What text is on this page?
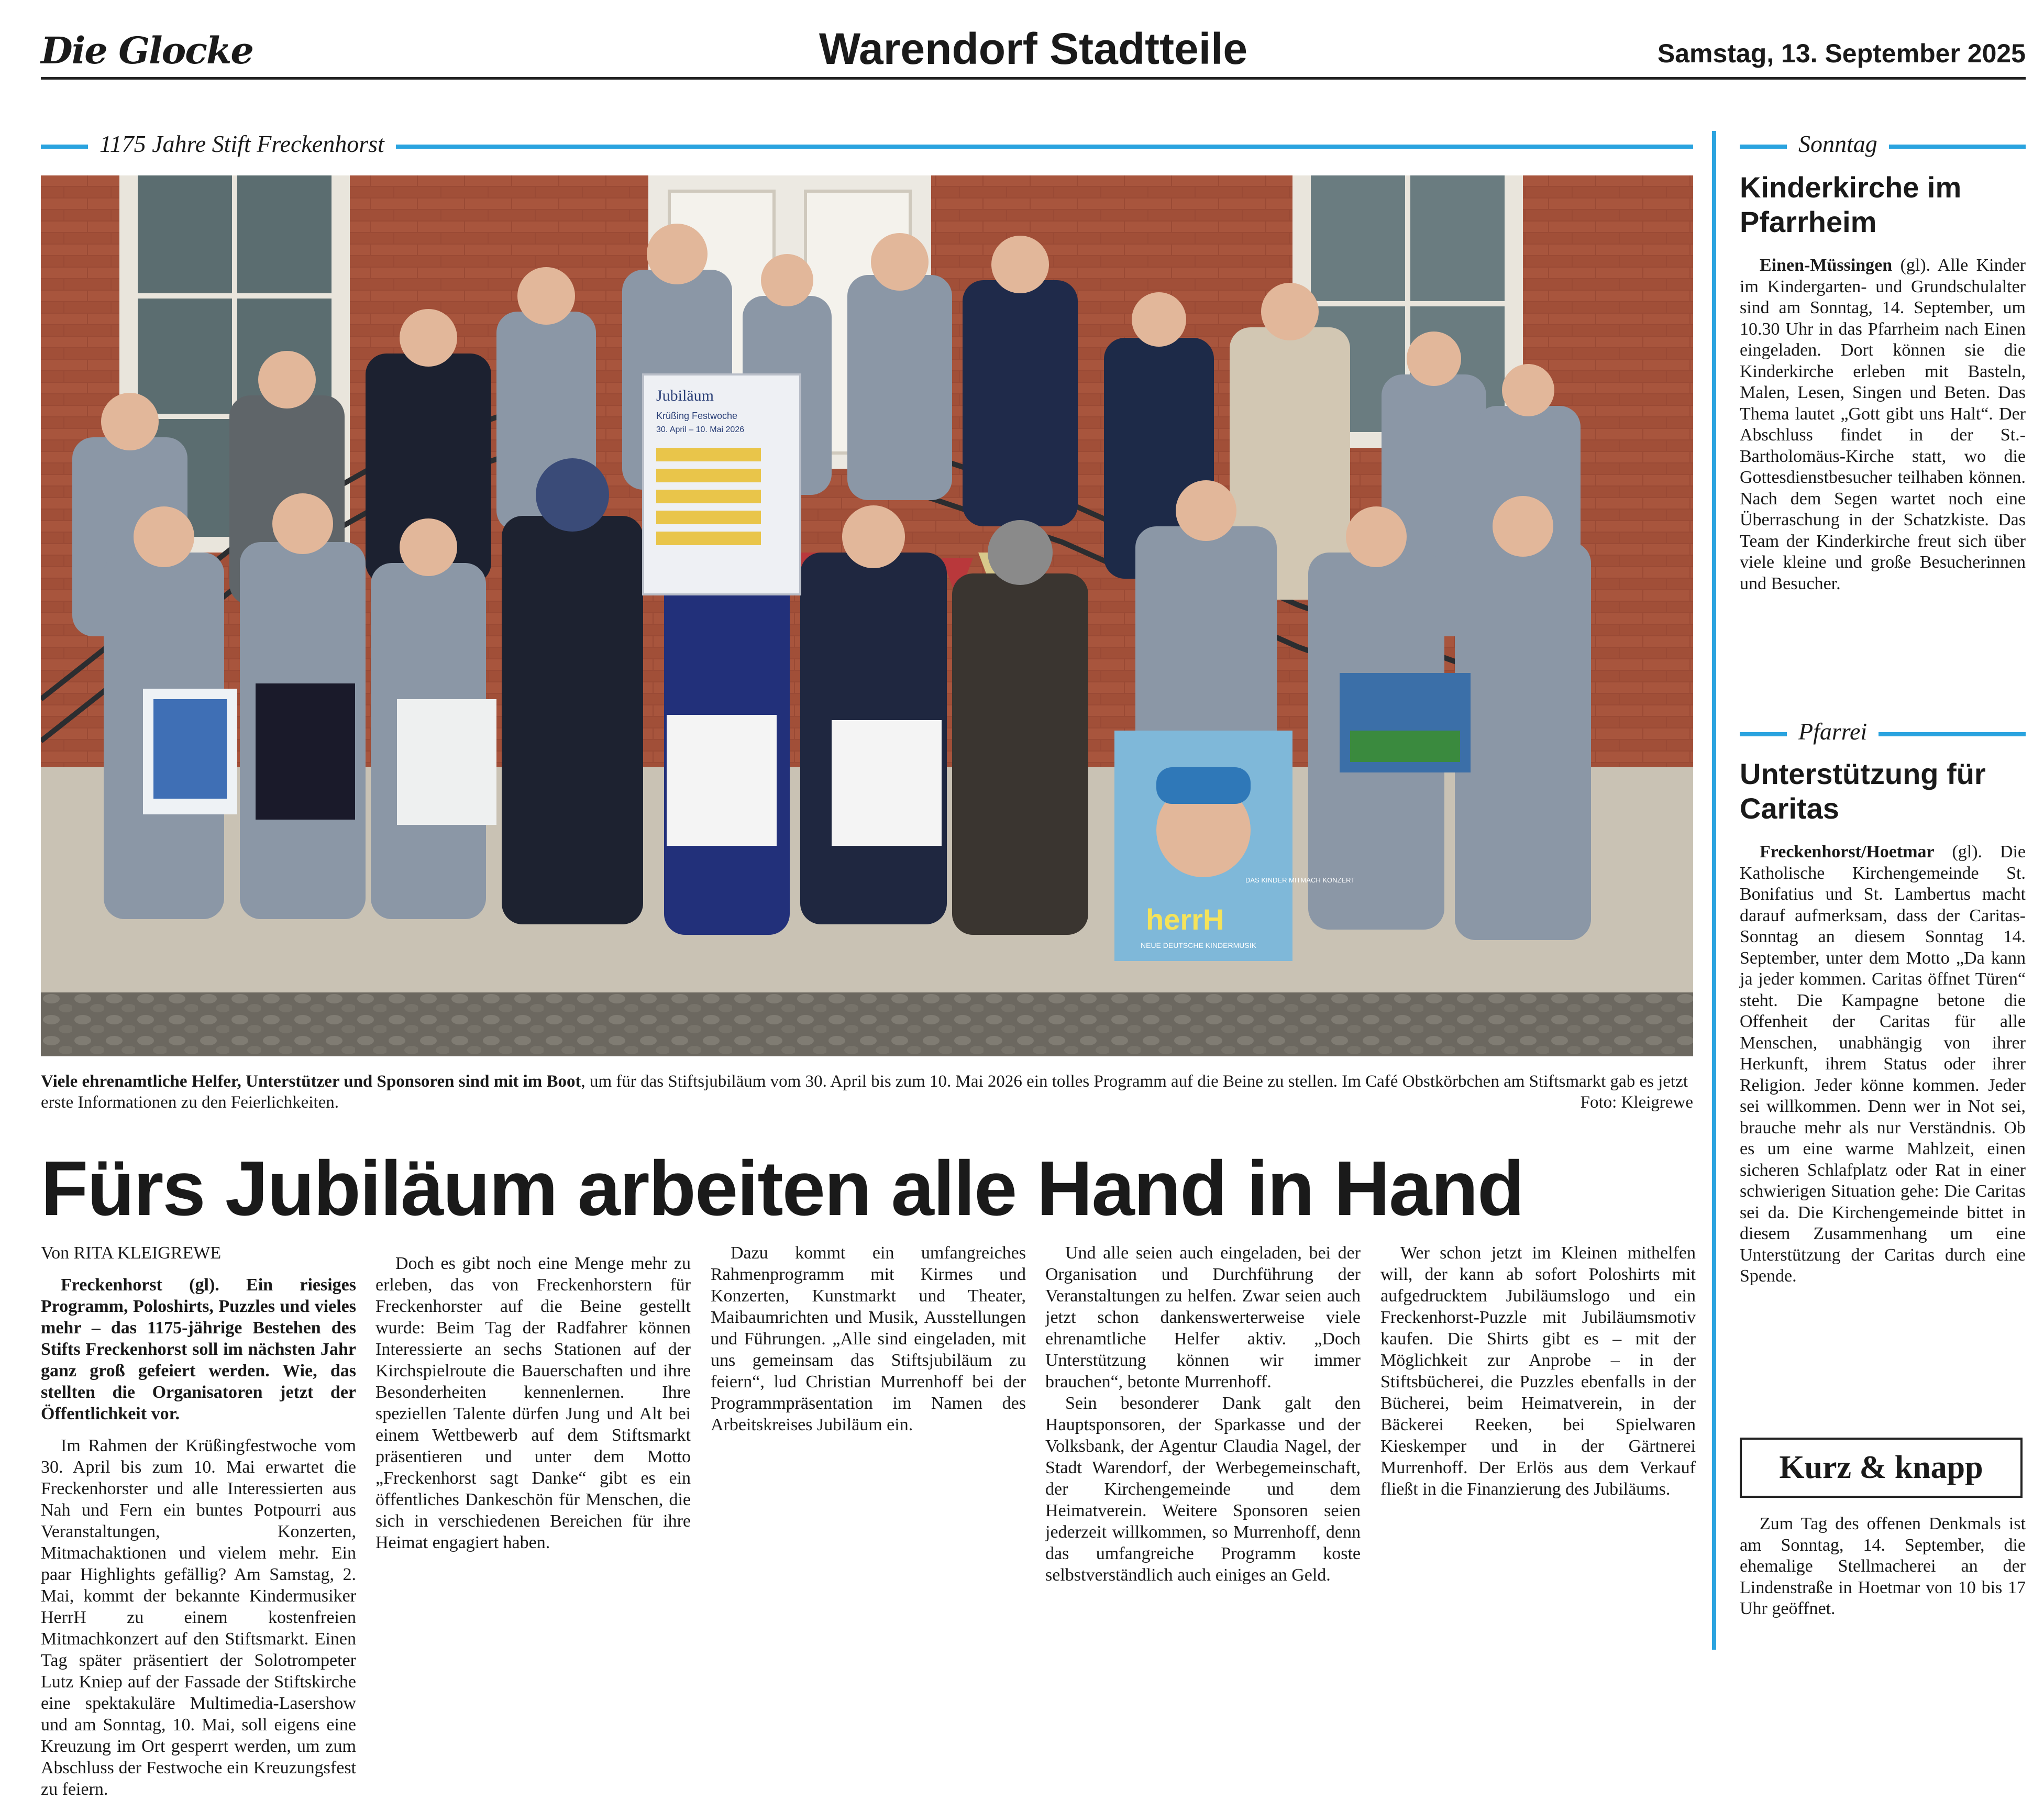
Die Glocke	Warendorf Stadtteile	Samstag, 13. September 2025
1175 Jahre Stift Freckenhorst
Jubiläum
Krüßing Festwoche
30. April – 10. Mai 2026
herrH
NEUE DEUTSCHE KINDERMUSIK
DAS KINDER MITMACH KONZERT
Viele ehrenamtliche Helfer, Unterstützer und Sponsoren sind mit im Boot, um für das Stiftsjubiläum vom 30. April bis zum 10. Mai 2026 ein tolles Programm auf die Beine zu stellen. Im Café Obstkörbchen am Stiftsmarkt gab es jetzt erste Informationen zu den Feierlichkeiten.	Foto: Kleigrewe
Fürs Jubiläum arbeiten alle Hand in Hand

Von RITA KLEIGREWE

Freckenhorst (gl). Ein riesiges Programm, Poloshirts, Puzzles und vieles mehr – das 1175-jährige Bestehen des Stifts Freckenhorst soll im nächsten Jahr ganz groß gefeiert werden. Wie, das stellten die Organisatoren jetzt der Öffentlichkeit vor.

Im Rahmen der Krüßingfestwoche vom 30. April bis zum 10. Mai erwartet die Freckenhorster und alle Interessierten aus Nah und Fern ein buntes Potpourri aus Veranstaltungen, Konzerten, Mitmachaktionen und vielem mehr. Ein paar Highlights gefällig? Am Samstag, 2. Mai, kommt der bekannte Kindermusiker HerrH zu einem kostenfreien Mitmachkonzert auf den Stiftsmarkt. Einen Tag später präsentiert der Solotrompeter Lutz Kniep auf der Fassade der Stiftskirche eine spektakuläre Multimedia-Lasershow und am Sonntag, 10. Mai, soll eigens eine Kreuzung im Ort gesperrt werden, um zum Abschluss der Festwoche ein Kreuzungsfest zu feiern.

Doch es gibt noch eine Menge mehr zu erleben, das von Freckenhorstern für Freckenhorster auf die Beine gestellt wurde: Beim Tag der Radfahrer können Interessierte an sechs Stationen auf der Kirchspielroute die Bauerschaften und ihre Besonderheiten kennenlernen. Ihre speziellen Talente dürfen Jung und Alt bei einem Wettbewerb auf dem Stiftsmarkt präsentieren und unter dem Motto „Freckenhorst sagt Danke“ gibt es ein öffentliches Dankeschön für Menschen, die sich in verschiedenen Bereichen für ihre Heimat engagiert haben.

Dazu kommt ein umfangreiches Rahmenprogramm mit Kirmes und Konzerten, Kunstmarkt und Theater, Maibaumrichten und Musik, Ausstellungen und Führungen. „Alle sind eingeladen, mit uns gemeinsam das Stiftsjubiläum zu feiern“, lud Christian Murrenhoff bei der Programmpräsentation im Namen des Arbeitskreises Jubiläum ein.

Und alle seien auch eingeladen, bei der Organisation und Durchführung der Veranstaltungen zu helfen. Zwar seien auch jetzt schon dankenswerterweise viele ehrenamtliche Helfer aktiv. „Doch Unterstützung können wir immer brauchen“, betonte Murrenhoff.

Sein besonderer Dank galt den Hauptsponsoren, der Sparkasse und der Volksbank, der Agentur Claudia Nagel, der Stadt Warendorf, der Werbegemeinschaft, der Kirchengemeinde und dem Heimatverein. Weitere Sponsoren seien jederzeit willkommen, so Murrenhoff, denn das umfangreiche Programm koste selbstverständlich auch einiges an Geld.

Wer schon jetzt im Kleinen mithelfen will, der kann ab sofort Poloshirts mit aufgedrucktem Jubiläumslogo und ein Freckenhorst-Puzzle mit Jubiläumsmotiv kaufen. Die Shirts gibt es – mit der Möglichkeit zur Anprobe – in der Stiftsbücherei, die Puzzles ebenfalls in der Bücherei, beim Heimatverein, in der Bäckerei Reeken, bei Spielwaren Kieskemper und in der Gärtnerei Murrenhoff. Der Erlös aus dem Verkauf fließt in die Finanzierung des Jubiläums.

Sonntag
Kinderkirche im Pfarrheim

Einen-Müssingen (gl). Alle Kinder im Kindergarten- und Grundschulalter sind am Sonntag, 14. September, um 10.30 Uhr in das Pfarrheim nach Einen eingeladen. Dort können sie die Kinderkirche erleben mit Basteln, Malen, Lesen, Singen und Beten. Das Thema lautet „Gott gibt uns Halt“. Der Abschluss findet in der St.-Bartholomäus-Kirche statt, wo die Gottesdienstbesucher teilhaben können. Nach dem Segen wartet noch eine Überraschung in der Schatzkiste. Das Team der Kinderkirche freut sich über viele kleine und große Besucherinnen und Besucher.

Pfarrei
Unterstützung für Caritas

Freckenhorst/Hoetmar (gl). Die Katholische Kirchengemeinde St. Bonifatius und St. Lambertus macht darauf aufmerksam, dass der Caritas-Sonntag an diesem Sonntag 14. September, unter dem Motto „Da kann ja jeder kommen. Caritas öffnet Türen“ steht. Die Kampagne betone die Offenheit der Caritas für alle Menschen, unabhängig von ihrer Herkunft, ihrem Status oder ihrer Religion. Jeder könne kommen. Jeder sei willkommen. Denn wer in Not sei, brauche mehr als nur Verständnis. Ob es um eine warme Mahlzeit, einen sicheren Schlafplatz oder Rat in einer schwierigen Situation gehe: Die Caritas sei da. Die Kirchengemeinde bittet in diesem Zusammenhang um eine Unterstützung der Caritas durch eine Spende.

Kurz & knapp

Zum Tag des offenen Denkmals ist am Sonntag, 14. September, die ehemalige Stellmacherei an der Lindenstraße in Hoetmar von 10 bis 17 Uhr geöffnet.
